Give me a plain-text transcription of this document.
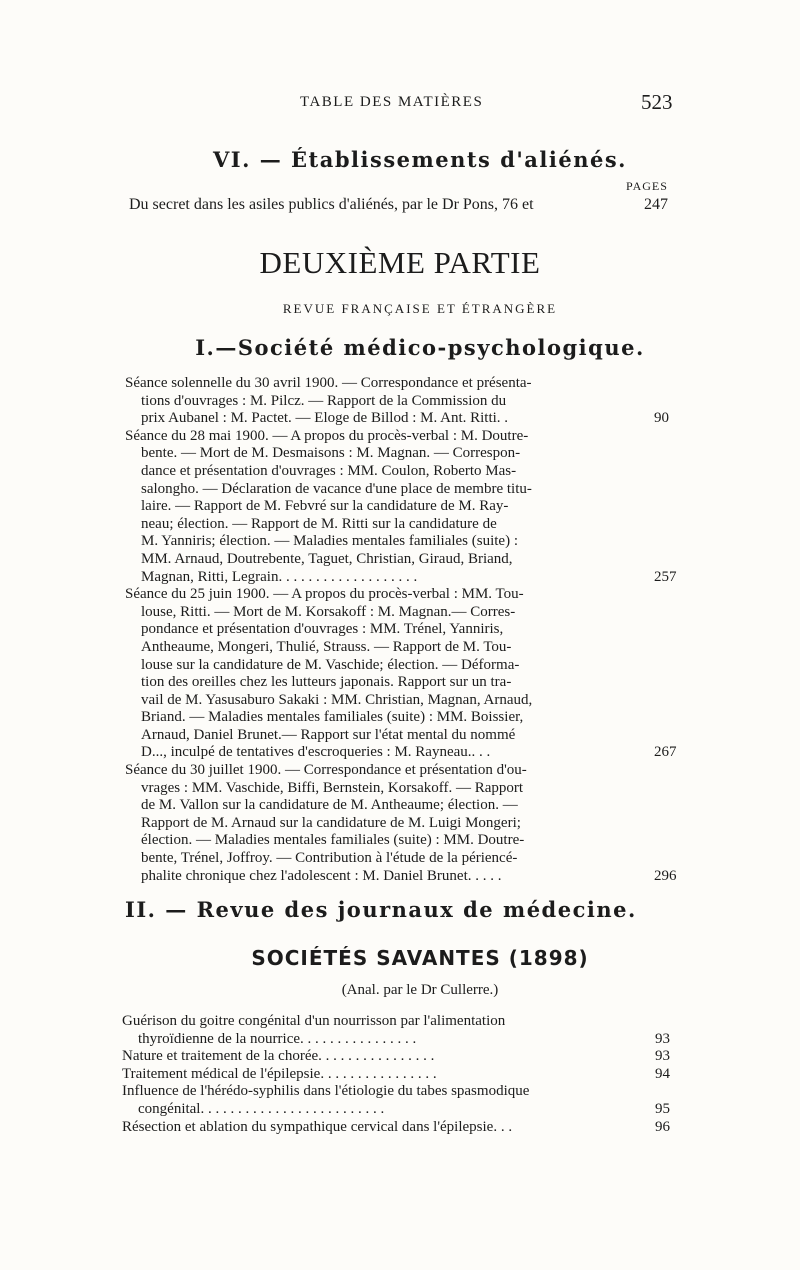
TABLE DES MATIÈRES	523
VI. — Établissements d'aliénés.
PAGES
Du secret dans les asiles publics d'aliénés, par le Dr Pons, 76 et	247
DEUXIÈME PARTIE
REVUE FRANÇAISE ET ÉTRANGÈRE
I.—Société médico-psychologique.
Séance solennelle du 30 avril 1900. — Correspondance et présenta-
tions d'ouvrages : M. Pilcz. — Rapport de la Commission du
prix Aubanel : M. Pactet. — Eloge de Billod : M. Ant. Ritti. .	90
Séance du 28 mai 1900. — A propos du procès-verbal : M. Doutre-
bente. — Mort de M. Desmaisons : M. Magnan. — Correspon-
dance et présentation d'ouvrages : MM. Coulon, Roberto Mas-
salongho. — Déclaration de vacance d'une place de membre titu-
laire. — Rapport de M. Febvré sur la candidature de M. Ray-
neau; élection. — Rapport de M. Ritti sur la candidature de
M. Yanniris; élection. — Maladies mentales familiales (suite) :
MM. Arnaud, Doutrebente, Taguet, Christian, Giraud, Briand,
Magnan, Ritti, Legrain. . . . . . . . . . . . . . . . . . .	257
Séance du 25 juin 1900. — A propos du procès-verbal : MM. Tou-
louse, Ritti. — Mort de M. Korsakoff : M. Magnan.— Corres-
pondance et présentation d'ouvrages : MM. Trénel, Yanniris,
Antheaume, Mongeri, Thulié, Strauss. — Rapport de M. Tou-
louse sur la candidature de M. Vaschide; élection. — Déforma-
tion des oreilles chez les lutteurs japonais. Rapport sur un tra-
vail de M. Yasusaburo Sakaki : MM. Christian, Magnan, Arnaud,
Briand. — Maladies mentales familiales (suite) : MM. Boissier,
Arnaud, Daniel Brunet.— Rapport sur l'état mental du nommé
D..., inculpé de tentatives d'escroqueries : M. Rayneau.. . .	267
Séance du 30 juillet 1900. — Correspondance et présentation d'ou-
vrages : MM. Vaschide, Biffi, Bernstein, Korsakoff. — Rapport
de M. Vallon sur la candidature de M. Antheaume; élection. —
Rapport de M. Arnaud sur la candidature de M. Luigi Mongeri;
élection. — Maladies mentales familiales (suite) : MM. Doutre-
bente, Trénel, Joffroy. — Contribution à l'étude de la périencé-
phalite chronique chez l'adolescent : M. Daniel Brunet. . . . .	296
II. — Revue des journaux de médecine.
SOCIÉTÉS SAVANTES (1898)
(Anal. par le Dr Cullerre.)
Guérison du goitre congénital d'un nourrisson par l'alimentation
thyroïdienne de la nourrice. . . . . . . . . . . . . . . .	93
Nature et traitement de la chorée. . . . . . . . . . . . . . . .	93
Traitement médical de l'épilepsie. . . . . . . . . . . . . . . .	94
Influence de l'hérédo-syphilis dans l'étiologie du tabes spasmodique
congénital. . . . . . . . . . . . . . . . . . . . . . . . .	95
Résection et ablation du sympathique cervical dans l'épilepsie. . .	96
